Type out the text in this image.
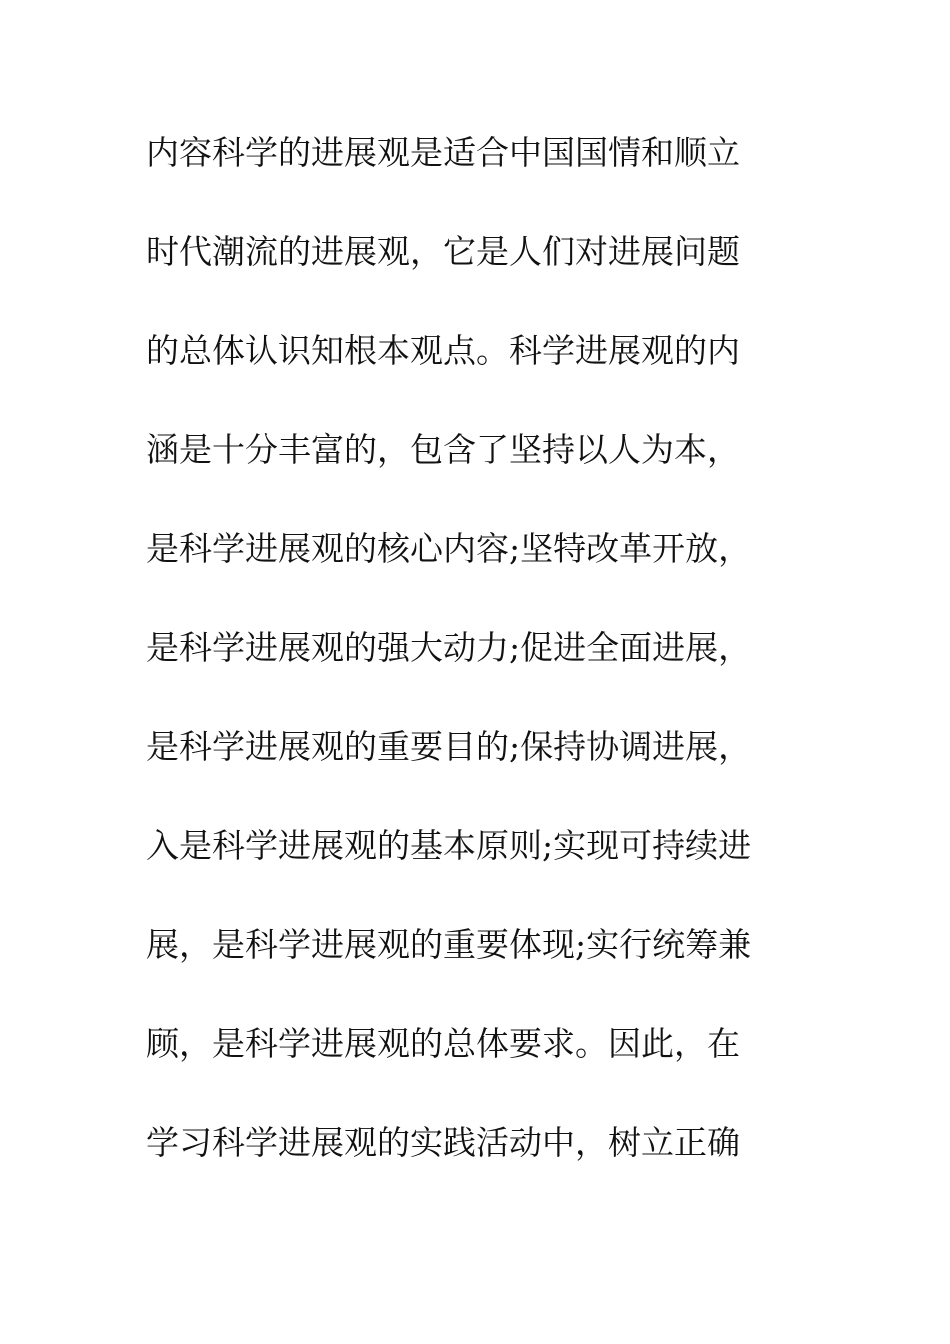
内容科学的进展观是适合中国国情和顺立
时代潮流的进展观，它是人们对进展问题
的总体认识知根本观点。科学进展观的内
涵是十分丰富的，包含了坚持以人为本，
是科学进展观的核心内容;坚特改革开放，
是科学进展观的强大动力;促进全面进展，
是科学进展观的重要目的;保持协调进展，
入是科学进展观的基本原则;实现可持续进
展，是科学进展观的重要体现;实行统筹兼
顾，是科学进展观的总体要求。因此，在
学习科学进展观的实践活动中，树立正确
